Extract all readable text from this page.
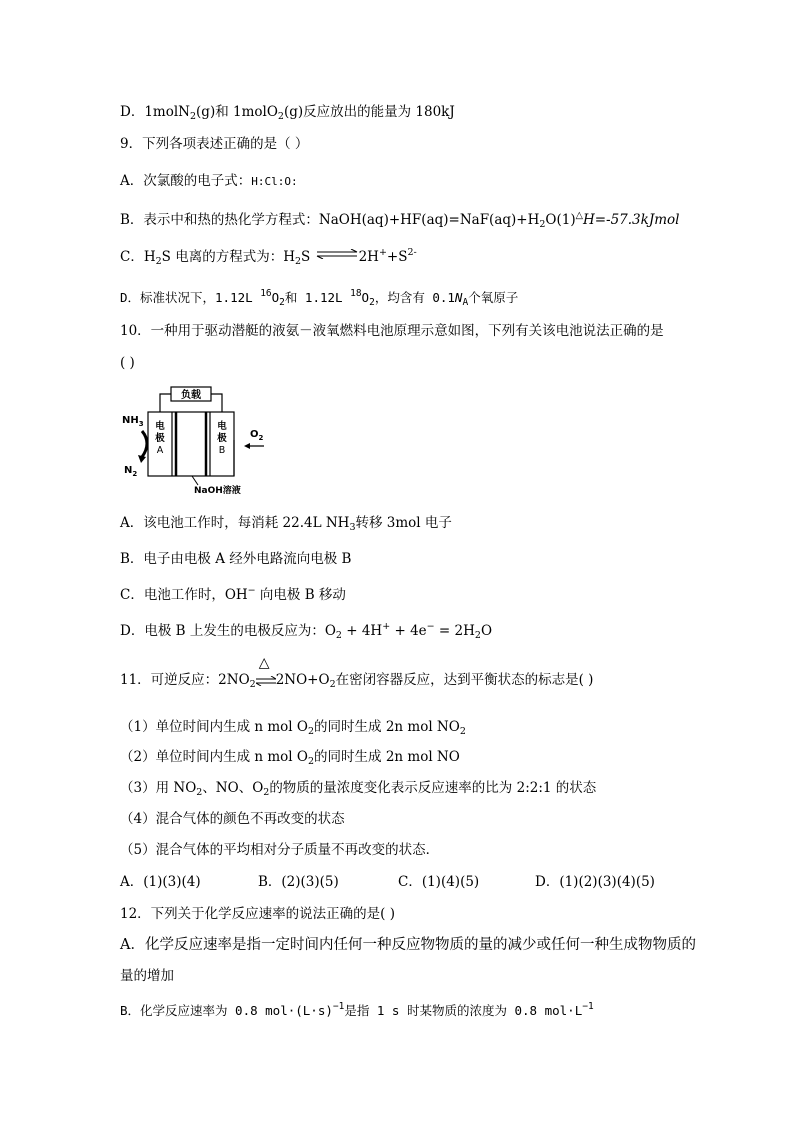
D．1molN$_2$(g)和 1molO$_2$(g)反应放出的能量为 180kJ
9．下列各项表述正确的是（ ）
A．次氯酸的电子式：H:Cl:O:
B．表示中和热的热化学方程式：$NaOH(aq)+HF(aq)=NaF(aq)+H_2O(1)^\triangle H=-57.3kJmol$
C．$H_2S$ 电离的方程式为：$H_2S$ $\rightleftharpoons 2H^++S^{2-}$
D．标准状况下，1.12L $^{16}O_2$和 1.12L $^{18}O_2$，均含有 $0.1N_A$个氧原子
10．一种用于驱动潜艇的液氨－液氧燃料电池原理示意如图，下列有关该电池说法正确的是
( )
负载
电
极
A
电
极
B
$NH_3$
$N_2$
$O_2$
NaOH溶液
A．该电池工作时，每消耗 22.4L $NH_3$转移 3mol 电子
B．电子由电极 A 经外电路流向电极 B
C．电池工作时，OH− 向电极 B 移动
D．电极 B 上发生的电极反应为：$O_2 + 4H^+ + 4e^- = 2H_2O$
11．可逆反应：$2NO_2$
△
$2NO+O_2$在密闭容器反应，达到平衡状态的标志是( )
（1）单位时间内生成 n mol $O_2$的同时生成 2n mol $NO_2$
（2）单位时间内生成 n mol $O_2$的同时生成 2n mol NO
（3）用 $NO_2$、NO、$O_2$的物质的量浓度变化表示反应速率的比为 2:2:1 的状态
（4）混合气体的颜色不再改变的状态
（5）混合气体的平均相对分子质量不再改变的状态．
A．(1)(3)(4)	B．(2)(3)(5)	C．(1)(4)(5)	D．(1)(2)(3)(4)(5)
12．下列关于化学反应速率的说法正确的是( )
A．化学反应速率是指一定时间内任何一种反应物物质的量的减少或任何一种生成物物质的
量的增加
B．化学反应速率为 0.8 $mol\cdot(L\cdot s)^{-1}$是指 1 s 时某物质的浓度为 0.8 $mol\cdot L^{-1}$
